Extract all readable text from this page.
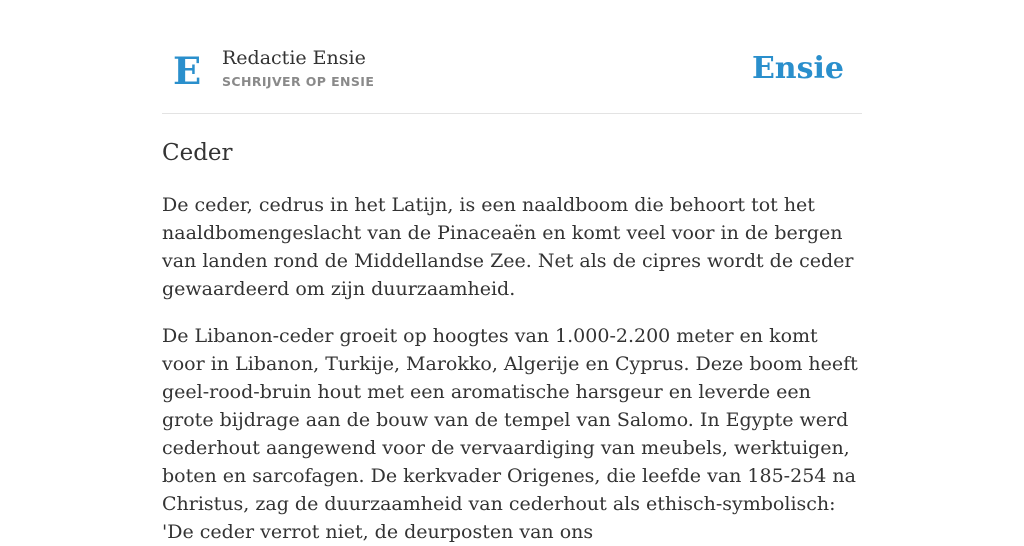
E Redactie Ensie
SCHRIJVER OP ENSIE	Ensie
Ceder

De ceder, cedrus in het Latijn, is een naaldboom die behoort tot het naaldbomengeslacht van de Pinaceaën en komt veel voor in de bergen van landen rond de Middellandse Zee. Net als de cipres wordt de ceder gewaardeerd om zijn duurzaamheid.

De Libanon-ceder groeit op hoogtes van 1.000-2.200 meter en komt voor in Libanon, Turkije, Marokko, Algerije en Cyprus. Deze boom heeft geel-rood-bruin hout met een aromatische harsgeur en leverde een grote bijdrage aan de bouw van de tempel van Salomo. In Egypte werd cederhout aangewend voor de vervaardiging van meubels, werktuigen, boten en sarcofagen. De kerkvader Origenes, die leefde van 185-254 na Christus, zag de duurzaamheid van cederhout als ethisch-symbolisch: 'De ceder verrot niet, de deurposten van ons
